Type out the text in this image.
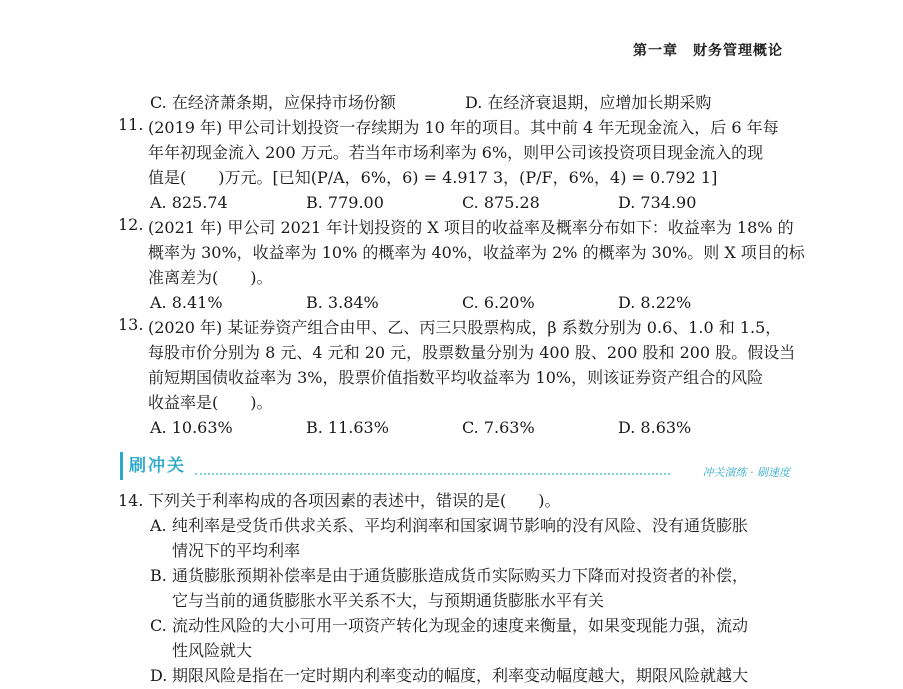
第一章　财务管理概论
C. 在经济萧条期，应保持市场份额	D. 在经济衰退期，应增加长期采购
11. (2019 年) 甲公司计划投资一存续期为 10 年的项目。其中前 4 年无现金流入，后 6 年每
年年初现金流入 200 万元。若当年市场利率为 6%，则甲公司该投资项目现金流入的现
值是(　　)万元。[已知(P/A，6%，6) = 4.917 3，(P/F，6%，4) = 0.792 1]
A. 825.74	B. 779.00	C. 875.28	D. 734.90
12. (2021 年) 甲公司 2021 年计划投资的 X 项目的收益率及概率分布如下：收益率为 18% 的
概率为 30%，收益率为 10% 的概率为 40%，收益率为 2% 的概率为 30%。则 X 项目的标
准离差为(　　)。
A. 8.41%	B. 3.84%	C. 6.20%	D. 8.22%
13. (2020 年) 某证券资产组合由甲、乙、丙三只股票构成，β 系数分别为 0.6、1.0 和 1.5，
每股市价分别为 8 元、4 元和 20 元，股票数量分别为 400 股、200 股和 200 股。假设当
前短期国债收益率为 3%，股票价值指数平均收益率为 10%，则该证券资产组合的风险
收益率是(　　)。
A. 10.63%	B. 11.63%	C. 7.63%	D. 8.63%
刷冲关	冲关演练 · 刷速度
14. 下列关于利率构成的各项因素的表述中，错误的是(　　)。
A. 纯利率是受货币供求关系、平均利润率和国家调节影响的没有风险、没有通货膨胀
情况下的平均利率
B. 通货膨胀预期补偿率是由于通货膨胀造成货币实际购买力下降而对投资者的补偿，
它与当前的通货膨胀水平关系不大，与预期通货膨胀水平有关
C. 流动性风险的大小可用一项资产转化为现金的速度来衡量，如果变现能力强，流动
性风险就大
D. 期限风险是指在一定时期内利率变动的幅度，利率变动幅度越大，期限风险就越大
